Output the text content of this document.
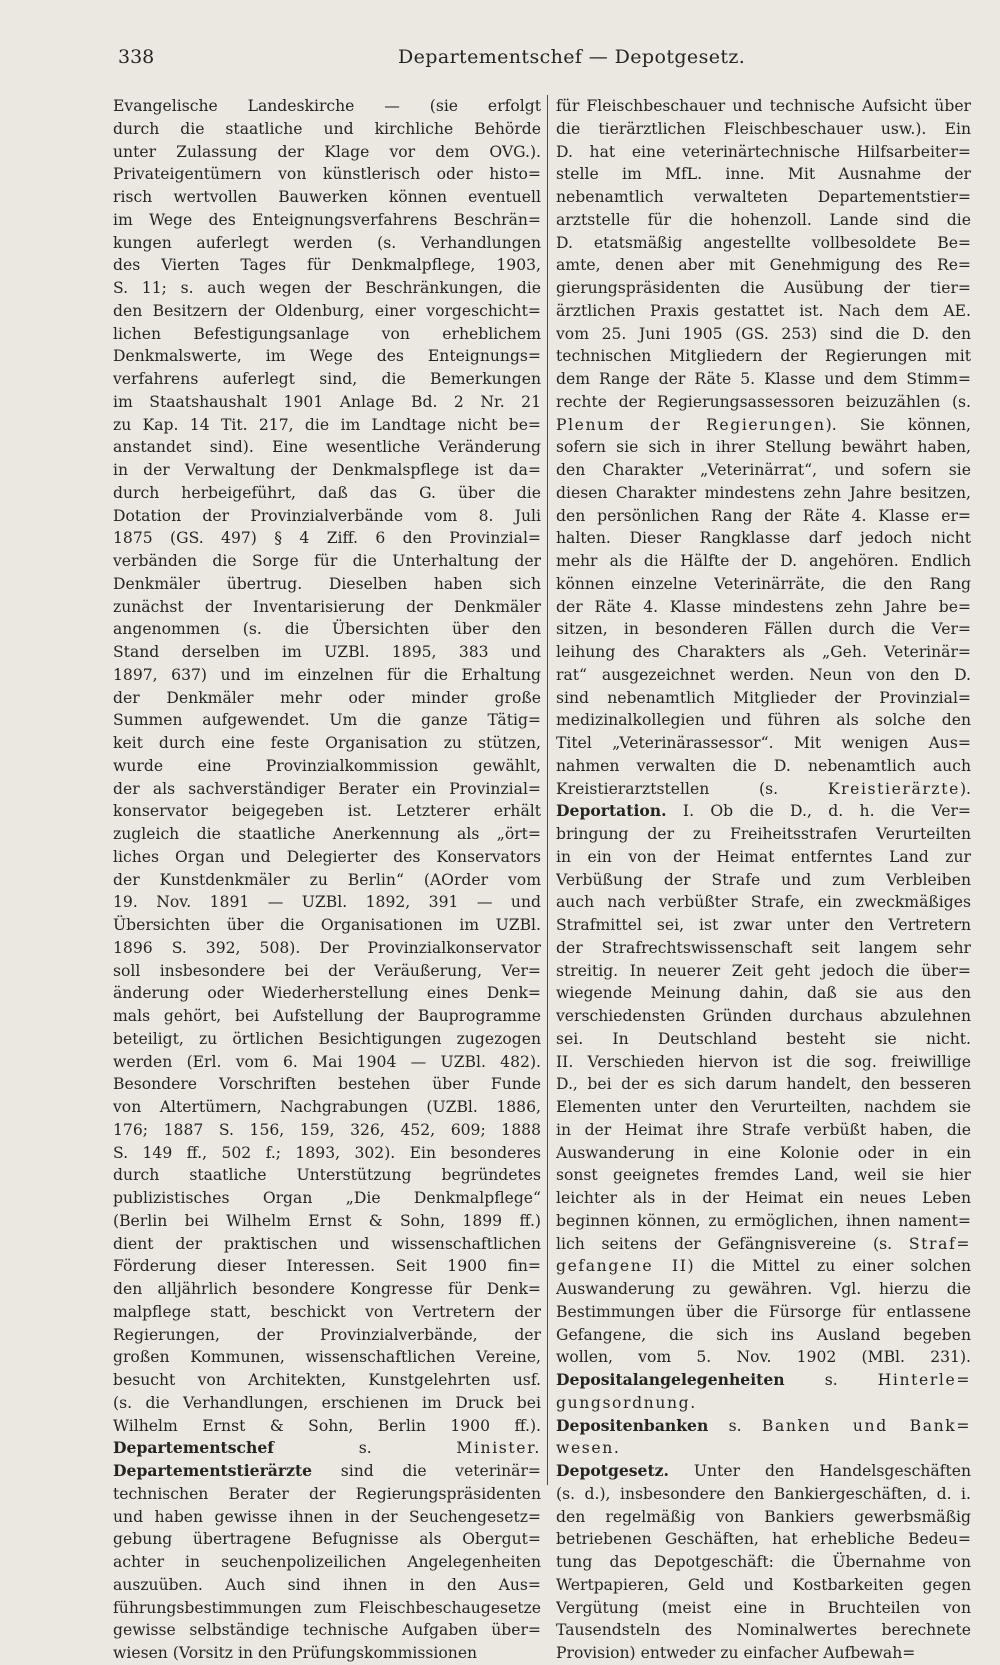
338	Departementschef — Depotgesetz.
Evangelische Landeskirche — (sie erfolgt
durch die staatliche und kirchliche Behörde
unter Zulassung der Klage vor dem OVG.).
Privateigentümern von künstlerisch oder histo=
risch wertvollen Bauwerken können eventuell
im Wege des Enteignungsverfahrens Beschrän=
kungen auferlegt werden (s. Verhandlungen
des Vierten Tages für Denkmalpflege, 1903,
S. 11; s. auch wegen der Beschränkungen, die
den Besitzern der Oldenburg, einer vorgeschicht=
lichen Befestigungsanlage von erheblichem
Denkmalswerte, im Wege des Enteignungs=
verfahrens auferlegt sind, die Bemerkungen
im Staatshaushalt 1901 Anlage Bd. 2 Nr. 21
zu Kap. 14 Tit. 217, die im Landtage nicht be=
anstandet sind). Eine wesentliche Veränderung
in der Verwaltung der Denkmalspflege ist da=
durch herbeigeführt, daß das G. über die
Dotation der Provinzialverbände vom 8. Juli
1875 (GS. 497) § 4 Ziff. 6 den Provinzial=
verbänden die Sorge für die Unterhaltung der
Denkmäler übertrug. Dieselben haben sich
zunächst der Inventarisierung der Denkmäler
angenommen (s. die Übersichten über den
Stand derselben im UZBl. 1895, 383 und
1897, 637) und im einzelnen für die Erhaltung
der Denkmäler mehr oder minder große
Summen aufgewendet. Um die ganze Tätig=
keit durch eine feste Organisation zu stützen,
wurde eine Provinzialkommission gewählt,
der als sachverständiger Berater ein Provinzial=
konservator beigegeben ist. Letzterer erhält
zugleich die staatliche Anerkennung als „ört=
liches Organ und Delegierter des Konservators
der Kunstdenkmäler zu Berlin“ (AOrder vom
19. Nov. 1891 — UZBl. 1892, 391 — und
Übersichten über die Organisationen im UZBl.
1896 S. 392, 508). Der Provinzialkonservator
soll insbesondere bei der Veräußerung, Ver=
änderung oder Wiederherstellung eines Denk=
mals gehört, bei Aufstellung der Bauprogramme
beteiligt, zu örtlichen Besichtigungen zugezogen
werden (Erl. vom 6. Mai 1904 — UZBl. 482).
Besondere Vorschriften bestehen über Funde
von Altertümern, Nachgrabungen (UZBl. 1886,
176; 1887 S. 156, 159, 326, 452, 609; 1888
S. 149 ff., 502 f.; 1893, 302). Ein besonderes
durch staatliche Unterstützung begründetes
publizistisches Organ „Die Denkmalpflege“
(Berlin bei Wilhelm Ernst & Sohn, 1899 ff.)
dient der praktischen und wissenschaftlichen
Förderung dieser Interessen. Seit 1900 fin=
den alljährlich besondere Kongresse für Denk=
malpflege statt, beschickt von Vertretern der
Regierungen, der Provinzialverbände, der
großen Kommunen, wissenschaftlichen Vereine,
besucht von Architekten, Kunstgelehrten usf.
(s. die Verhandlungen, erschienen im Druck bei
Wilhelm Ernst & Sohn, Berlin 1900 ff.).
Departementschef s. Minister.
Departementstierärzte sind die veterinär=
technischen Berater der Regierungspräsidenten
und haben gewisse ihnen in der Seuchengesetz=
gebung übertragene Befugnisse als Obergut=
achter in seuchenpolizeilichen Angelegenheiten
auszuüben. Auch sind ihnen in den Aus=
führungsbestimmungen zum Fleischbeschaugesetze
gewisse selbständige technische Aufgaben über=
wiesen (Vorsitz in den Prüfungskommissionen
für Fleischbeschauer und technische Aufsicht über
die tierärztlichen Fleischbeschauer usw.). Ein
D. hat eine veterinärtechnische Hilfsarbeiter=
stelle im MfL. inne. Mit Ausnahme der
nebenamtlich verwalteten Departementstier=
arztstelle für die hohenzoll. Lande sind die
D. etatsmäßig angestellte vollbesoldete Be=
amte, denen aber mit Genehmigung des Re=
gierungspräsidenten die Ausübung der tier=
ärztlichen Praxis gestattet ist. Nach dem AE.
vom 25. Juni 1905 (GS. 253) sind die D. den
technischen Mitgliedern der Regierungen mit
dem Range der Räte 5. Klasse und dem Stimm=
rechte der Regierungsassessoren beizuzählen (s.
Plenum der Regierungen). Sie können,
sofern sie sich in ihrer Stellung bewährt haben,
den Charakter „Veterinärrat“, und sofern sie
diesen Charakter mindestens zehn Jahre besitzen,
den persönlichen Rang der Räte 4. Klasse er=
halten. Dieser Rangklasse darf jedoch nicht
mehr als die Hälfte der D. angehören. Endlich
können einzelne Veterinärräte, die den Rang
der Räte 4. Klasse mindestens zehn Jahre be=
sitzen, in besonderen Fällen durch die Ver=
leihung des Charakters als „Geh. Veterinär=
rat“ ausgezeichnet werden. Neun von den D.
sind nebenamtlich Mitglieder der Provinzial=
medizinalkollegien und führen als solche den
Titel „Veterinärassessor“. Mit wenigen Aus=
nahmen verwalten die D. nebenamtlich auch
Kreistierarztstellen (s. Kreistierärzte).
Deportation. I. Ob die D., d. h. die Ver=
bringung der zu Freiheitsstrafen Verurteilten
in ein von der Heimat entferntes Land zur
Verbüßung der Strafe und zum Verbleiben
auch nach verbüßter Strafe, ein zweckmäßiges
Strafmittel sei, ist zwar unter den Vertretern
der Strafrechtswissenschaft seit langem sehr
streitig. In neuerer Zeit geht jedoch die über=
wiegende Meinung dahin, daß sie aus den
verschiedensten Gründen durchaus abzulehnen
sei. In Deutschland besteht sie nicht.
II. Verschieden hiervon ist die sog. freiwillige
D., bei der es sich darum handelt, den besseren
Elementen unter den Verurteilten, nachdem sie
in der Heimat ihre Strafe verbüßt haben, die
Auswanderung in eine Kolonie oder in ein
sonst geeignetes fremdes Land, weil sie hier
leichter als in der Heimat ein neues Leben
beginnen können, zu ermöglichen, ihnen nament=
lich seitens der Gefängnisvereine (s. Straf=
gefangene II) die Mittel zu einer solchen
Auswanderung zu gewähren. Vgl. hierzu die
Bestimmungen über die Fürsorge für entlassene
Gefangene, die sich ins Ausland begeben
wollen, vom 5. Nov. 1902 (MBl. 231).
Depositalangelegenheiten s. Hinterle=
gungsordnung.
Depositenbanken s. Banken und Bank=
wesen.
Depotgesetz. Unter den Handelsgeschäften
(s. d.), insbesondere den Bankiergeschäften, d. i.
den regelmäßig von Bankiers gewerbsmäßig
betriebenen Geschäften, hat erhebliche Bedeu=
tung das Depotgeschäft: die Übernahme von
Wertpapieren, Geld und Kostbarkeiten gegen
Vergütung (meist eine in Bruchteilen von
Tausendsteln des Nominalwertes berechnete
Provision) entweder zu einfacher Aufbewah=
